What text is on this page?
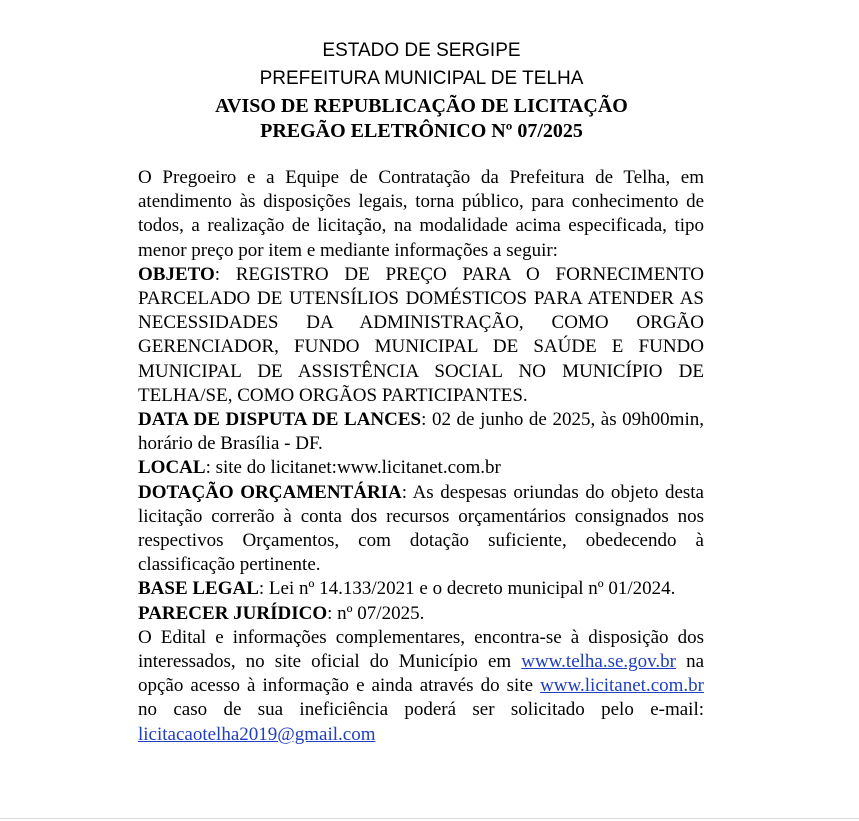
ESTADO DE SERGIPE
PREFEITURA MUNICIPAL DE TELHA
AVISO DE REPUBLICAÇÃO DE LICITAÇÃO
PREGÃO ELETRÔNICO Nº 07/2025

O Pregoeiro e a Equipe de Contratação da Prefeitura de Telha, em atendimento às disposições legais, torna público, para conhecimento de todos, a realização de licitação, na modalidade acima especificada, tipo menor preço por item e mediante informações a seguir:

OBJETO: REGISTRO DE PREÇO PARA O FORNECIMENTO PARCELADO DE UTENSÍLIOS DOMÉSTICOS PARA ATENDER AS NECESSIDADES DA ADMINISTRAÇÃO, COMO ORGÃO GERENCIADOR, FUNDO MUNICIPAL DE SAÚDE E FUNDO MUNICIPAL DE ASSISTÊNCIA SOCIAL NO MUNICÍPIO DE TELHA/SE, COMO ORGÃOS PARTICIPANTES.

DATA DE DISPUTA DE LANCES: 02 de junho de 2025, às 09h00min, horário de Brasília - DF.

LOCAL: site do licitanet:www.licitanet.com.br

DOTAÇÃO ORÇAMENTÁRIA: As despesas oriundas do objeto desta licitação correrão à conta dos recursos orçamentários consignados nos respectivos Orçamentos, com dotação suficiente, obedecendo à classificação pertinente.

BASE LEGAL: Lei nº 14.133/2021 e o decreto municipal nº 01/2024.

PARECER JURÍDICO: nº 07/2025.

O Edital e informações complementares, encontra-se à disposição dos interessados, no site oficial do Município em www.telha.se.gov.br na opção acesso à informação e ainda através do site www.licitanet.com.br no caso de sua ineficiência poderá ser solicitado pelo e-mail: licitacaotelha2019@gmail.com
